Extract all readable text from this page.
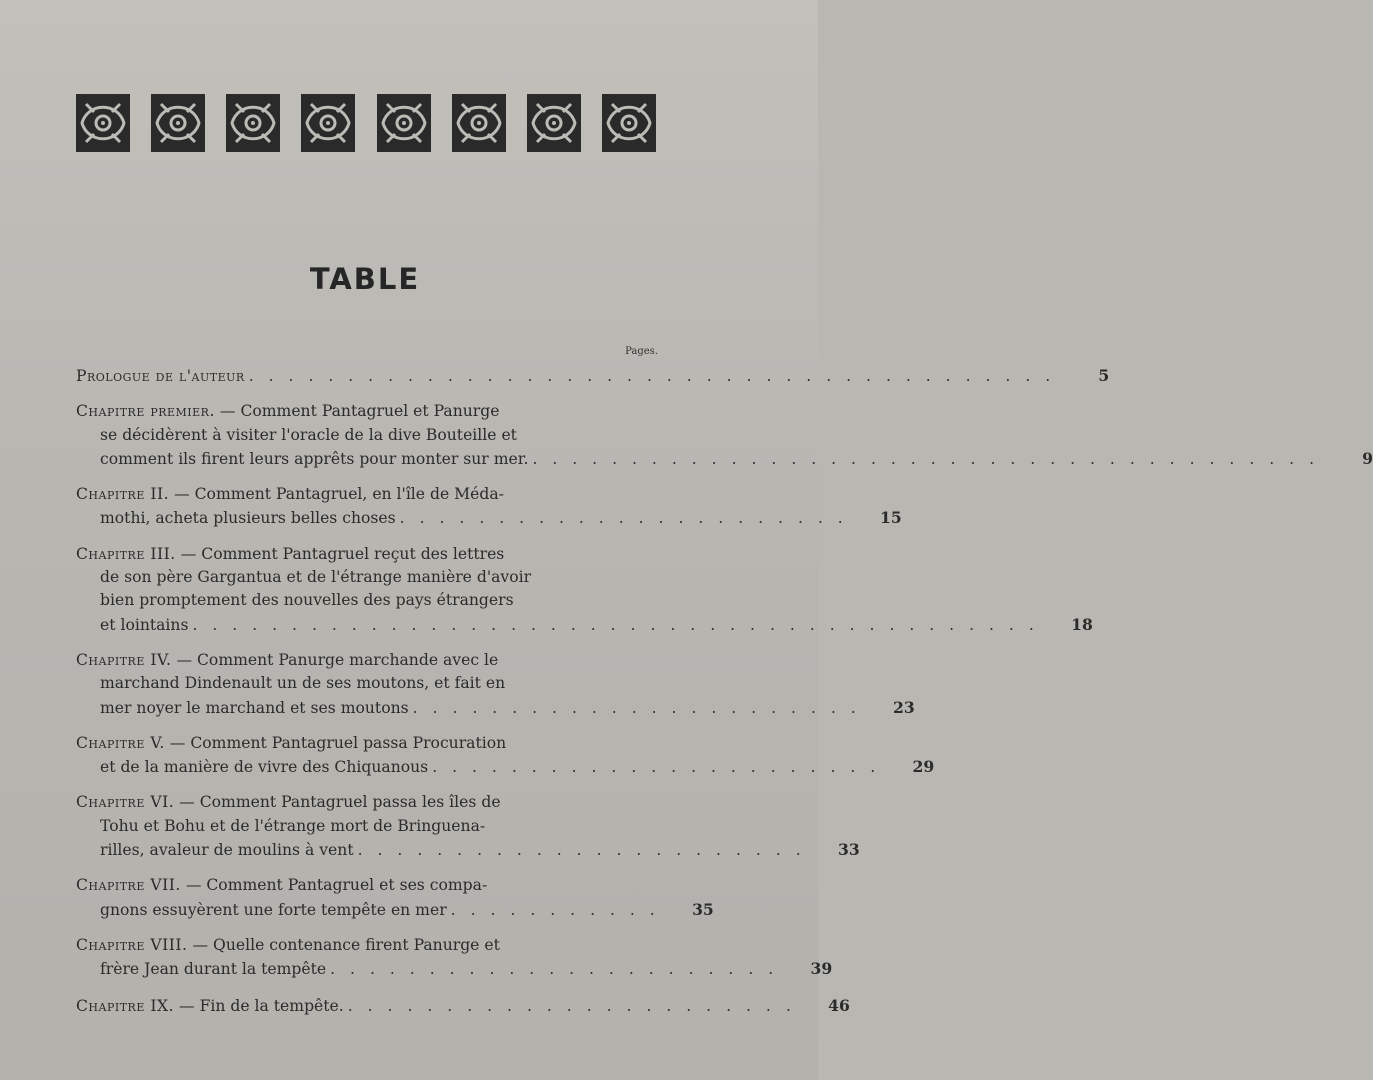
TABLE
Pages.
Prologue de l'auteur . . . . . . . . . . . . . . . . . . . . . . . . . . . . . . . . . . . . . . . . .	5
Chapitre premier. — Comment Pantagruel et Panurge
se décidèrent à visiter l'oracle de la dive Bouteille et
comment ils firent leurs apprêts pour monter sur mer. . . . . . . . . . . . . . . . . . . . . . . . . . . . . . . . . . . . . . . . .	9
Chapitre II. — Comment Pantagruel, en l'île de Méda-
mothi, acheta plusieurs belles choses . . . . . . . . . . . . . . . . . . . . . . .	15
Chapitre III. — Comment Pantagruel reçut des lettres
de son père Gargantua et de l'étrange manière d'avoir
bien promptement des nouvelles des pays étrangers
et lointains . . . . . . . . . . . . . . . . . . . . . . . . . . . . . . . . . . . . . . . . . . .	18
Chapitre IV. — Comment Panurge marchande avec le
marchand Dindenault un de ses moutons, et fait en
mer noyer le marchand et ses moutons . . . . . . . . . . . . . . . . . . . . . . .	23
Chapitre V. — Comment Pantagruel passa Procuration
et de la manière de vivre des Chiquanous . . . . . . . . . . . . . . . . . . . . . . .	29
Chapitre VI. — Comment Pantagruel passa les îles de
Tohu et Bohu et de l'étrange mort de Bringuena-
rilles, avaleur de moulins à vent . . . . . . . . . . . . . . . . . . . . . . .	33
Chapitre VII. — Comment Pantagruel et ses compa-
gnons essuyèrent une forte tempête en mer . . . . . . . . . . .	35
Chapitre VIII. — Quelle contenance firent Panurge et
frère Jean durant la tempête . . . . . . . . . . . . . . . . . . . . . . .	39
Chapitre IX. — Fin de la tempête. . . . . . . . . . . . . . . . . . . . . . . .	46
